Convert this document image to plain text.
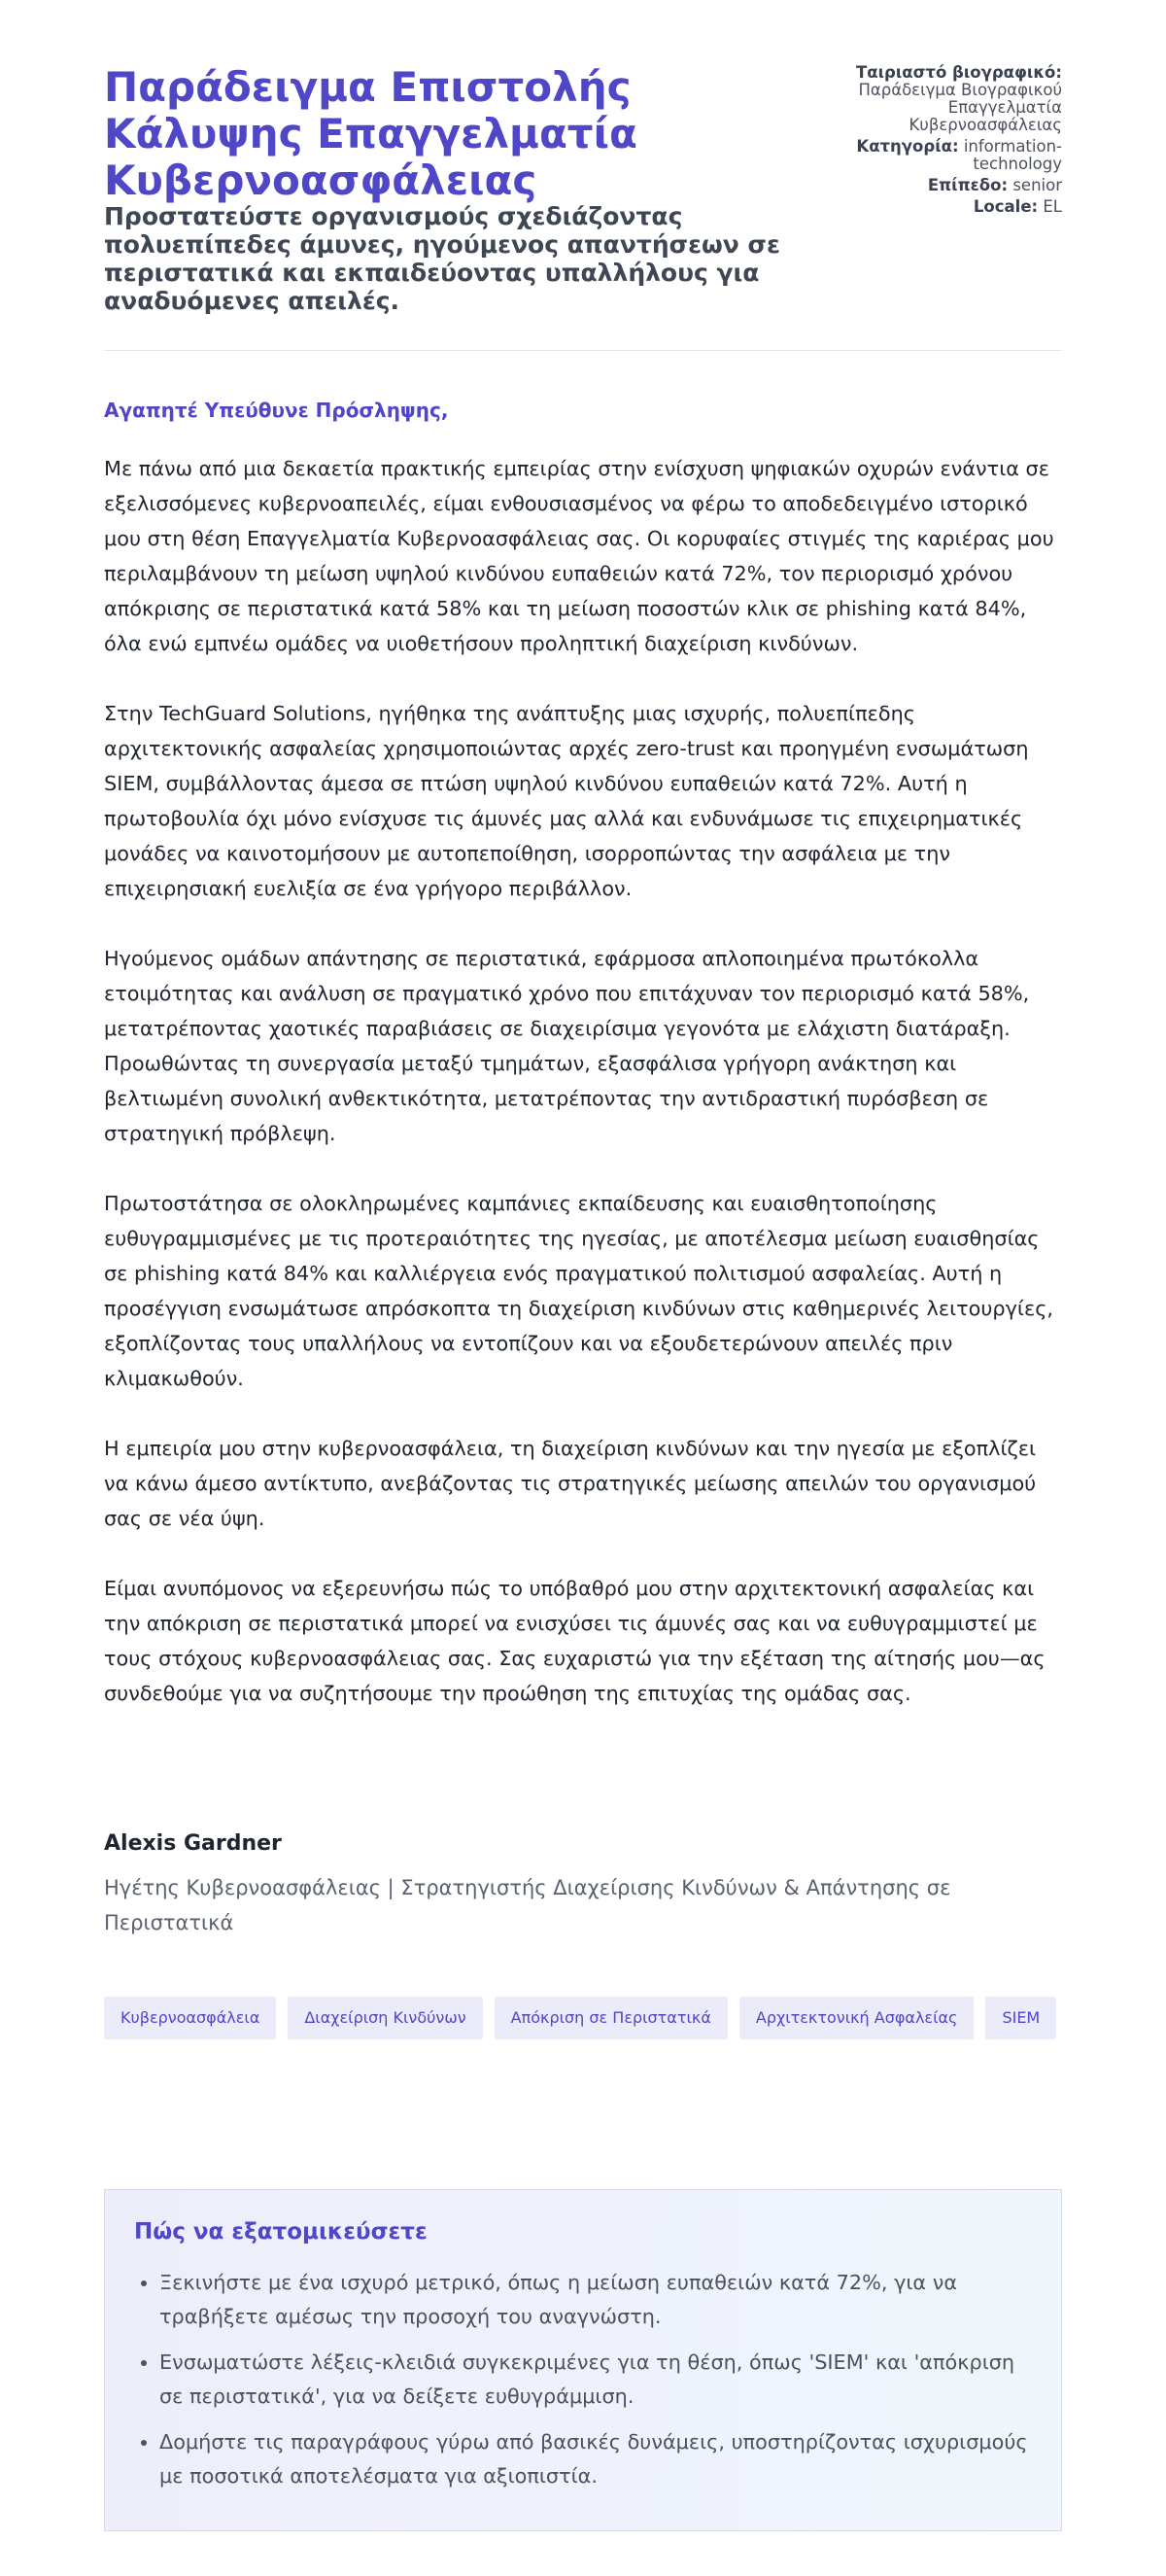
Παράδειγμα Επιστολής Κάλυψης Επαγγελματία Κυβερνοασφάλειας
Προστατεύστε οργανισμούς σχεδιάζοντας πολυεπίπεδες άμυνες, ηγούμενος απαντήσεων σε περιστατικά και εκπαιδεύοντας υπαλλήλους για αναδυόμενες απειλές.
Ταιριαστό βιογραφικό: Παράδειγμα Βιογραφικού Επαγγελματία Κυβερνοασφάλειας
Κατηγορία: information-technology
Επίπεδο: senior
Locale: EL

Αγαπητέ Υπεύθυνε Πρόσληψης,

Με πάνω από μια δεκαετία πρακτικής εμπειρίας στην ενίσχυση ψηφιακών οχυρών ενάντια σε εξελισσόμενες κυβερνοαπειλές, είμαι ενθουσιασμένος να φέρω το αποδεδειγμένο ιστορικό μου στη θέση Επαγγελματία Κυβερνοασφάλειας σας. Οι κορυφαίες στιγμές της καριέρας μου περιλαμβάνουν τη μείωση υψηλού κινδύνου ευπαθειών κατά 72%, τον περιορισμό χρόνου απόκρισης σε περιστατικά κατά 58% και τη μείωση ποσοστών κλικ σε phishing κατά 84%, όλα ενώ εμπνέω ομάδες να υιοθετήσουν προληπτική διαχείριση κινδύνων.

Στην TechGuard Solutions, ηγήθηκα της ανάπτυξης μιας ισχυρής, πολυεπίπεδης αρχιτεκτονικής ασφαλείας χρησιμοποιώντας αρχές zero-trust και προηγμένη ενσωμάτωση SIEM, συμβάλλοντας άμεσα σε πτώση υψηλού κινδύνου ευπαθειών κατά 72%. Αυτή η πρωτοβουλία όχι μόνο ενίσχυσε τις άμυνές μας αλλά και ενδυνάμωσε τις επιχειρηματικές μονάδες να καινοτομήσουν με αυτοπεποίθηση, ισορροπώντας την ασφάλεια με την επιχειρησιακή ευελιξία σε ένα γρήγορο περιβάλλον.

Ηγούμενος ομάδων απάντησης σε περιστατικά, εφάρμοσα απλοποιημένα πρωτόκολλα ετοιμότητας και ανάλυση σε πραγματικό χρόνο που επιτάχυναν τον περιορισμό κατά 58%, μετατρέποντας χαοτικές παραβιάσεις σε διαχειρίσιμα γεγονότα με ελάχιστη διατάραξη. Προωθώντας τη συνεργασία μεταξύ τμημάτων, εξασφάλισα γρήγορη ανάκτηση και βελτιωμένη συνολική ανθεκτικότητα, μετατρέποντας την αντιδραστική πυρόσβεση σε στρατηγική πρόβλεψη.

Πρωτοστάτησα σε ολοκληρωμένες καμπάνιες εκπαίδευσης και ευαισθητοποίησης ευθυγραμμισμένες με τις προτεραιότητες της ηγεσίας, με αποτέλεσμα μείωση ευαισθησίας σε phishing κατά 84% και καλλιέργεια ενός πραγματικού πολιτισμού ασφαλείας. Αυτή η προσέγγιση ενσωμάτωσε απρόσκοπτα τη διαχείριση κινδύνων στις καθημερινές λειτουργίες, εξοπλίζοντας τους υπαλλήλους να εντοπίζουν και να εξουδετερώνουν απειλές πριν κλιμακωθούν.

Η εμπειρία μου στην κυβερνοασφάλεια, τη διαχείριση κινδύνων και την ηγεσία με εξοπλίζει να κάνω άμεσο αντίκτυπο, ανεβάζοντας τις στρατηγικές μείωσης απειλών του οργανισμού σας σε νέα ύψη.

Είμαι ανυπόμονος να εξερευνήσω πώς το υπόβαθρό μου στην αρχιτεκτονική ασφαλείας και την απόκριση σε περιστατικά μπορεί να ενισχύσει τις άμυνές σας και να ευθυγραμμιστεί με τους στόχους κυβερνοασφάλειας σας. Σας ευχαριστώ για την εξέταση της αίτησής μου—ας συνδεθούμε για να συζητήσουμε την προώθηση της επιτυχίας της ομάδας σας.

Alexis Gardner

Ηγέτης Κυβερνοασφάλειας | Στρατηγιστής Διαχείρισης Κινδύνων & Απάντησης σε Περιστατικά

Κυβερνοασφάλεια	Διαχείριση Κινδύνων	Απόκριση σε Περιστατικά	Αρχιτεκτονική Ασφαλείας	SIEM
Πώς να εξατομικεύσετε
• Ξεκινήστε με ένα ισχυρό μετρικό, όπως η μείωση ευπαθειών κατά 72%, για να τραβήξετε αμέσως την προσοχή του αναγνώστη.
• Ενσωματώστε λέξεις-κλειδιά συγκεκριμένες για τη θέση, όπως 'SIEM' και 'απόκριση σε περιστατικά', για να δείξετε ευθυγράμμιση.
• Δομήστε τις παραγράφους γύρω από βασικές δυνάμεις, υποστηρίζοντας ισχυρισμούς με ποσοτικά αποτελέσματα για αξιοπιστία.
